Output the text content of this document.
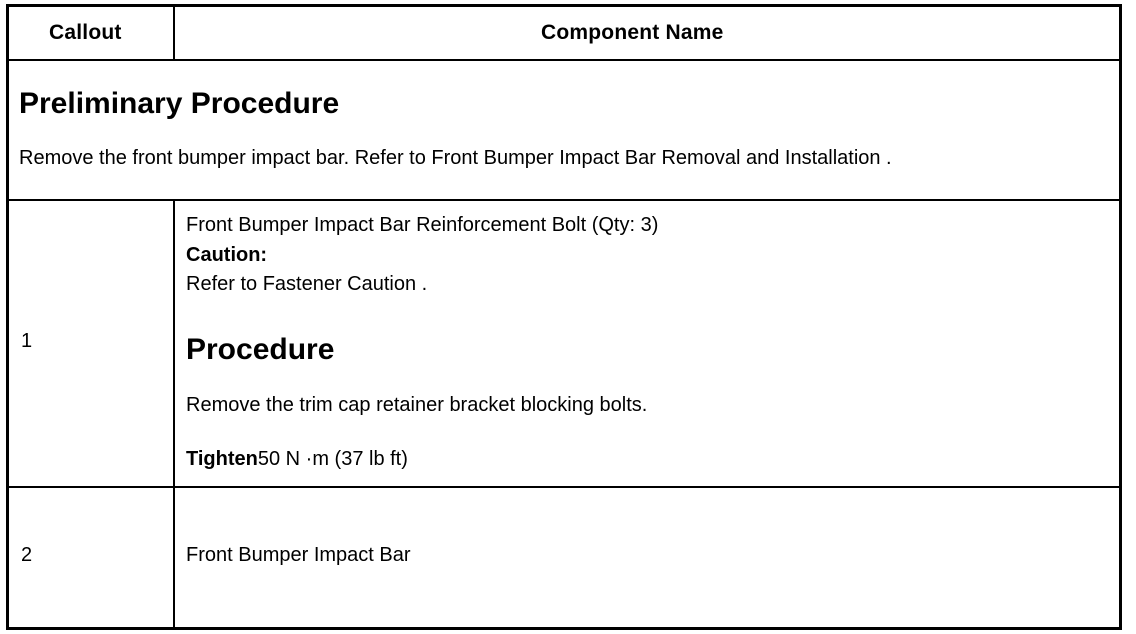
Callout	Component Name
Preliminary Procedure
Remove the front bumper impact bar. Refer to Front Bumper Impact Bar Removal and Installation .
1
Front Bumper Impact Bar Reinforcement Bolt (Qty: 3)
Caution:
Refer to Fastener Caution .
Procedure
Remove the trim cap retainer bracket blocking bolts.
Tighten50 N ·m (37 lb ft)
2	Front Bumper Impact Bar
